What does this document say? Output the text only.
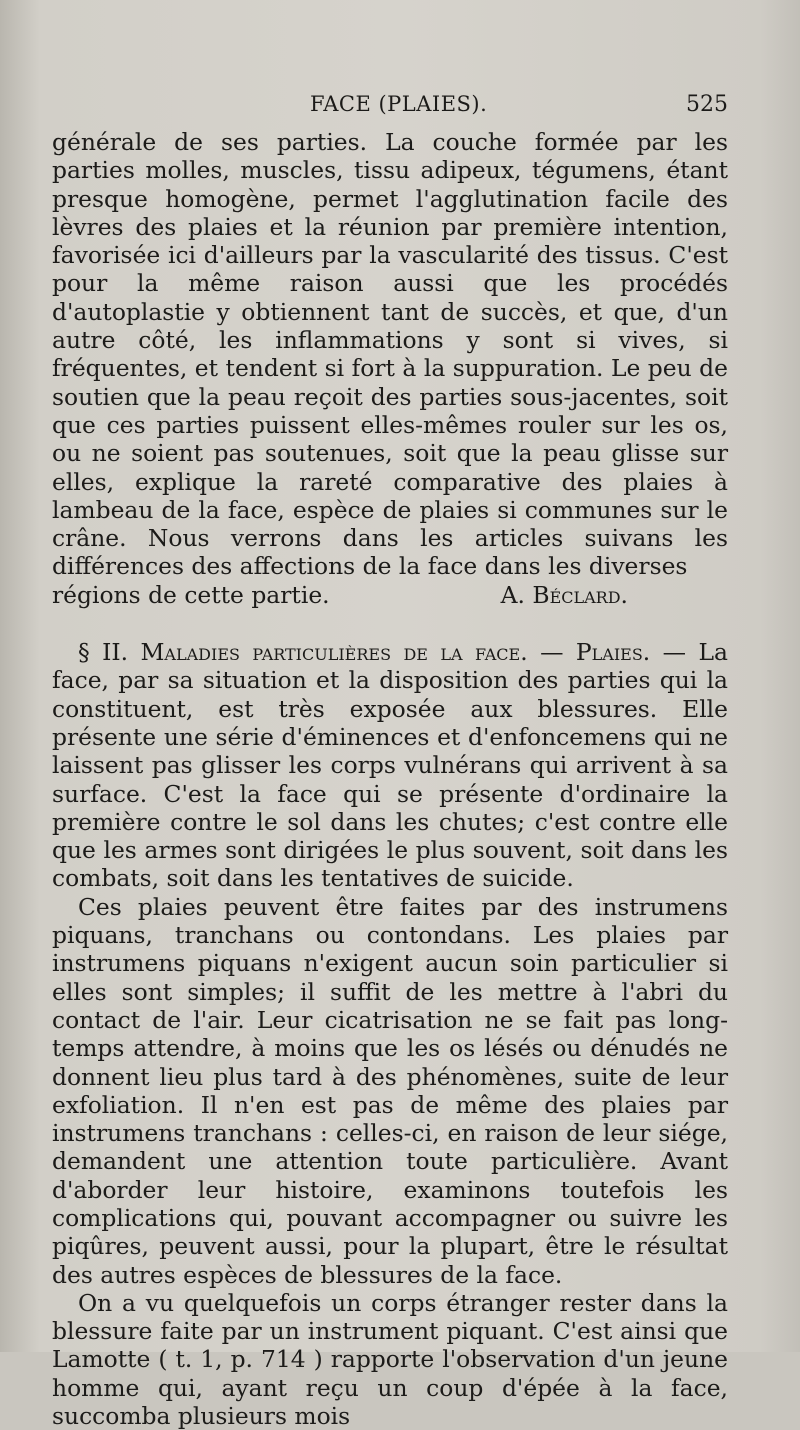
FACE (PLAIES).	525

générale de ses parties. La couche formée par les parties molles, muscles, tissu adipeux, tégumens, étant presque homogène, permet l'agglutination facile des lèvres des plaies et la réunion par première intention, favorisée ici d'ailleurs par la vascularité des tissus. C'est pour la même raison aussi que les procédés d'autoplastie y obtiennent tant de succès, et que, d'un autre côté, les inflammations y sont si vives, si fréquentes, et tendent si fort à la suppuration. Le peu de soutien que la peau reçoit des parties sous-jacentes, soit que ces parties puissent elles-mêmes rouler sur les os, ou ne soient pas soutenues, soit que la peau glisse sur elles, explique la rareté comparative des plaies à lambeau de la face, espèce de plaies si communes sur le crâne. Nous verrons dans les articles suivans les différences des affections de la face dans les diverses

régions de cette partie.	A. Béclard.

§ II. Maladies particulières de la face. — Plaies. — La face, par sa situation et la disposition des parties qui la constituent, est très exposée aux blessures. Elle présente une série d'éminences et d'enfoncemens qui ne laissent pas glisser les corps vulnérans qui arrivent à sa surface. C'est la face qui se présente d'ordinaire la première contre le sol dans les chutes; c'est contre elle que les armes sont dirigées le plus souvent, soit dans les combats, soit dans les tentatives de suicide.

Ces plaies peuvent être faites par des instrumens piquans, tranchans ou contondans. Les plaies par instrumens piquans n'exigent aucun soin particulier si elles sont simples; il suffit de les mettre à l'abri du contact de l'air. Leur cicatrisation ne se fait pas long-temps attendre, à moins que les os lésés ou dénudés ne donnent lieu plus tard à des phénomènes, suite de leur exfoliation. Il n'en est pas de même des plaies par instrumens tranchans : celles-ci, en raison de leur siége, demandent une attention toute particulière. Avant d'aborder leur histoire, examinons toutefois les complications qui, pouvant accompagner ou suivre les piqûres, peuvent aussi, pour la plupart, être le résultat des autres espèces de blessures de la face.

On a vu quelquefois un corps étranger rester dans la blessure faite par un instrument piquant. C'est ainsi que Lamotte ( t. 1, p. 714 ) rapporte l'observation d'un jeune homme qui, ayant reçu un coup d'épée à la face, succomba plusieurs mois
